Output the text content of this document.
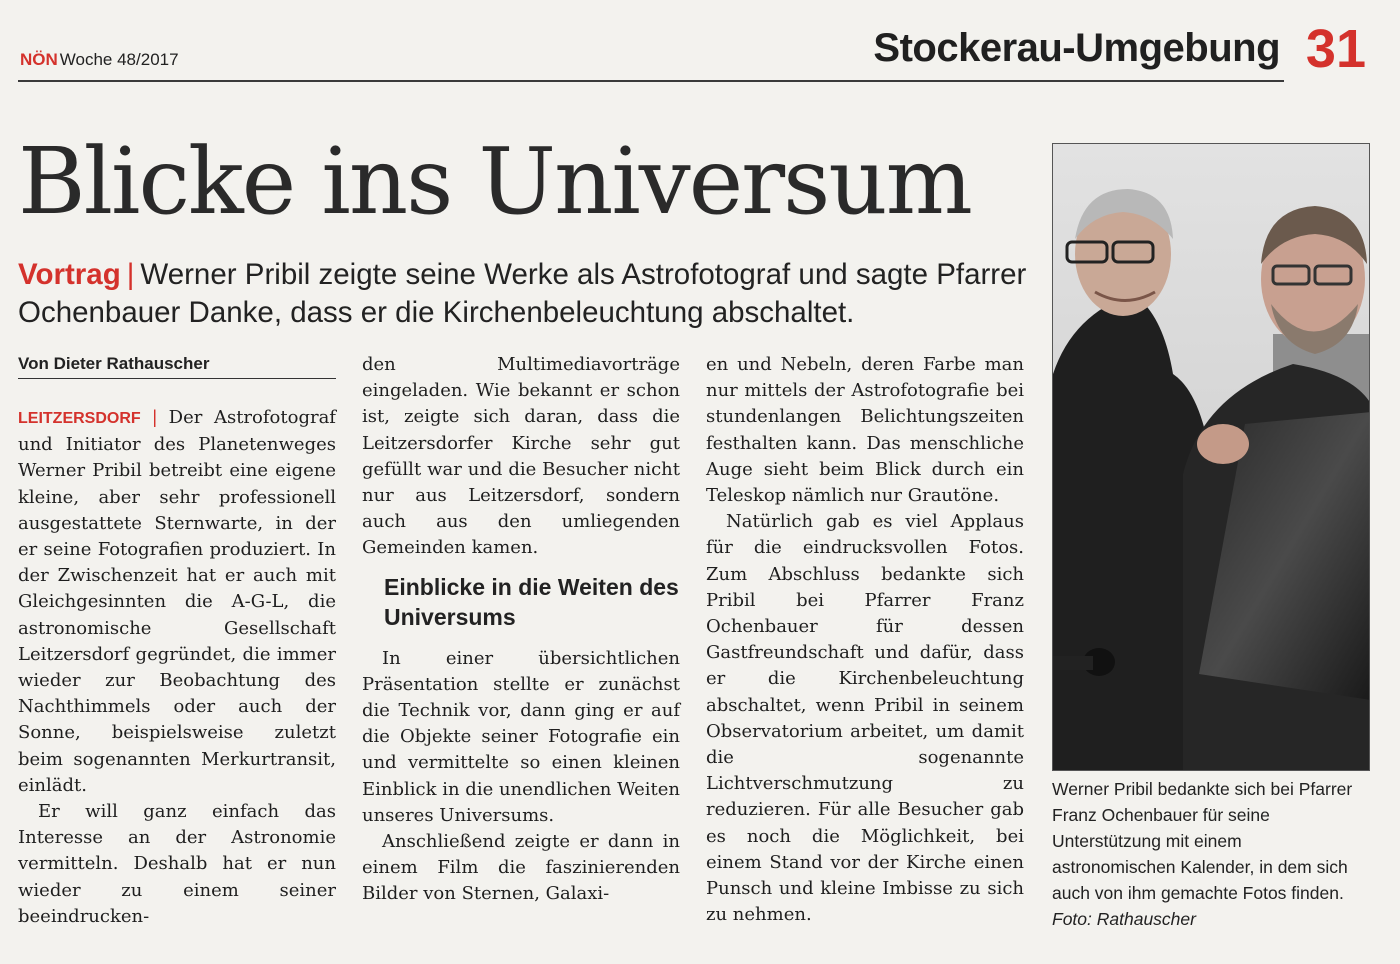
NÖN Woche 48/2017	Stockerau-Umgebung 31
Blicke ins Universum
Vortrag | Werner Pribil zeigte seine Werke als Astrofotograf und sagte Pfarrer Ochenbauer Danke, dass er die Kirchenbeleuchtung abschaltet.
Von Dieter Rathauscher

LEITZERSDORF | Der Astrofotograf und Initiator des Planetenweges Werner Pribil betreibt eine eigene kleine, aber sehr professionell ausgestattete Sternwarte, in der er seine Fotografien produziert. In der Zwischenzeit hat er auch mit Gleichgesinnten die A-G-L, die astronomische Gesellschaft Leitzersdorf gegründet, die immer wieder zur Beobachtung des Nachthimmels oder auch der Sonne, beispielsweise zuletzt beim sogenannten Merkurtransit, einlädt.

Er will ganz einfach das Interesse an der Astronomie vermitteln. Deshalb hat er nun wieder zu einem seiner beeindrucken-

den Multimediavorträge eingeladen. Wie bekannt er schon ist, zeigte sich daran, dass die Leitzersdorfer Kirche sehr gut gefüllt war und die Besucher nicht nur aus Leitzersdorf, sondern auch aus den umliegenden Gemeinden kamen.

Einblicke in die Weiten des Universums

In einer übersichtlichen Präsentation stellte er zunächst die Technik vor, dann ging er auf die Objekte seiner Fotografie ein und vermittelte so einen kleinen Einblick in die unendlichen Weiten unseres Universums.

Anschließend zeigte er dann in einem Film die faszinierenden Bilder von Sternen, Galaxi-

en und Nebeln, deren Farbe man nur mittels der Astrofotografie bei stundenlangen Belichtungszeiten festhalten kann. Das menschliche Auge sieht beim Blick durch ein Teleskop nämlich nur Grautöne.

Natürlich gab es viel Applaus für die eindrucksvollen Fotos. Zum Abschluss bedankte sich Pribil bei Pfarrer Franz Ochenbauer für dessen Gastfreundschaft und dafür, dass er die Kirchenbeleuchtung abschaltet, wenn Pribil in seinem Observatorium arbeitet, um damit die sogenannte Lichtverschmutzung zu reduzieren. Für alle Besucher gab es noch die Möglichkeit, bei einem Stand vor der Kirche einen Punsch und kleine Imbisse zu sich zu nehmen.

Werner Pribil bedankte sich bei Pfarrer Franz Ochenbauer für seine Unterstützung mit einem astronomischen Kalender, in dem sich auch von ihm gemachte Fotos finden.
Foto: Rathauscher
